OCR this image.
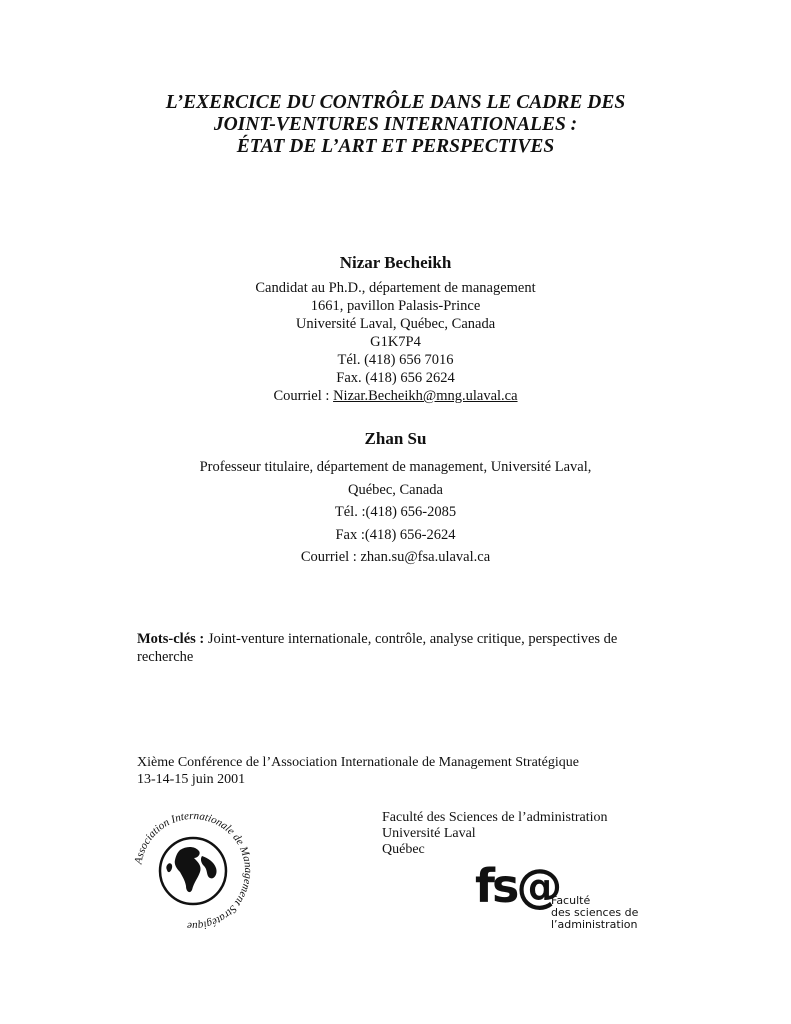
L’EXERCICE DU CONTRÔLE DANS LE CADRE DES
JOINT-VENTURES INTERNATIONALES :
ÉTAT DE L’ART ET PERSPECTIVES
Nizar Becheikh
Candidat au Ph.D., département de management
1661, pavillon Palasis-Prince
Université Laval, Québec, Canada
G1K7P4
Tél. (418) 656 7016
Fax. (418) 656 2624
Courriel : Nizar.Becheikh@mng.ulaval.ca
Zhan Su
Professeur titulaire, département de management, Université Laval,
Québec, Canada
Tél. :(418) 656-2085
Fax :(418) 656-2624
Courriel : zhan.su@fsa.ulaval.ca
Mots-clés : Joint-venture internationale, contrôle, analyse critique, perspectives de recherche
Xième Conférence de l’Association Internationale de Management Stratégique
13-14-15 juin 2001
Faculté des Sciences de l’administration
Université Laval
Québec
Association Internationale de Management Stratégique
fs@
Faculté
des sciences de
l’administration
